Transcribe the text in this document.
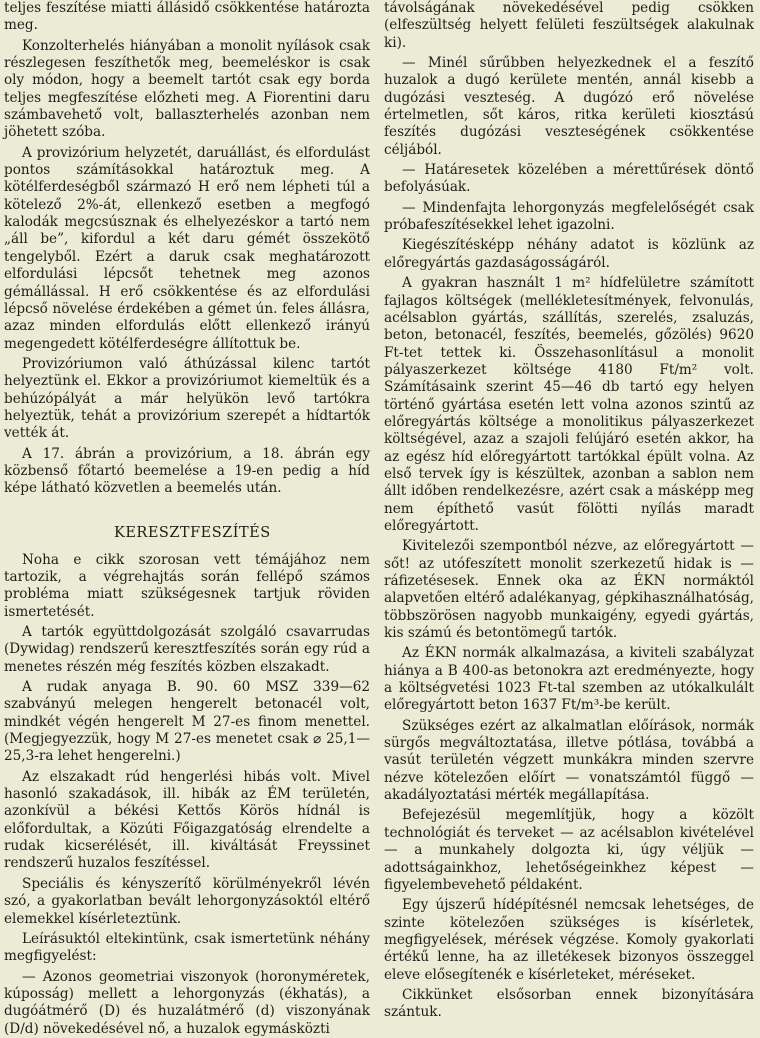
teljes feszítése miatti állásidő csökkentése határozta meg.

Konzolterhelés hiányában a monolit nyílások csak részlegesen feszíthetők meg, beemeléskor is csak oly módon, hogy a beemelt tartót csak egy borda teljes megfeszítése előzheti meg. A Fiorentini daru számbavehető volt, ballaszterhelés azonban nem jöhetett szóba.

A provizórium helyzetét, daruállást, és elfordulást pontos számításokkal határoztuk meg. A kötélferdeségből származó H erő nem lépheti túl a kötelező 2%-át, ellenkező esetben a megfogó kalodák megcsúsznak és elhelyezéskor a tartó nem „áll be”, kifordul a két daru gémét összekötő tengelyből. Ezért a daruk csak meghatározott elfordulási lépcsőt tehetnek meg azonos gémállással. H erő csökkentése és az elfordulási lépcső növelése érdekében a gémet ún. feles állásra, azaz minden elfordulás előtt ellenkező irányú megengedett kötélferdeségre állítottuk be.

Provizóriumon való áthúzással kilenc tartót helyeztünk el. Ekkor a provizóriumot kiemeltük és a behúzópályát a már helyükön levő tartókra helyeztük, tehát a provizórium szerepét a hídtartók vették át.

A 17. ábrán a provizórium, a 18. ábrán egy közbenső főtartó beemelése a 19-en pedig a híd képe látható közvetlen a beemelés után.

KERESZTFESZÍTÉS

Noha e cikk szorosan vett témájához nem tartozik, a végrehajtás során fellépő számos probléma miatt szükségesnek tartjuk röviden ismertetését.

A tartók együttdolgozását szolgáló csavarrudas (Dywidag) rendszerű keresztfeszítés során egy rúd a menetes részén még feszítés közben elszakadt.

A rudak anyaga B. 90. 60 MSZ 339—62 szabványú melegen hengerelt betonacél volt, mindkét végén hengerelt M 27-es finom menettel. (Megjegyezzük, hogy M 27-es menetet csak ⌀ 25,1—25,3-ra lehet hengerelni.)

Az elszakadt rúd hengerlési hibás volt. Mivel hasonló szakadások, ill. hibák az ÉM területén, azonkívül a békési Kettős Körös hídnál is előfordultak, a Közúti Főigazgatóság elrendelte a rudak kicserélését, ill. kiváltását Freyssinet rendszerű huzalos feszítéssel.

Speciális és kényszerítő körülményekről lévén szó, a gyakorlatban bevált lehorgonyzásoktól eltérő elemekkel kísérleteztünk.

Leírásuktól eltekintünk, csak ismertetünk néhány megfigyelést:

— Azonos geometriai viszonyok (horonyméretek, kúposság) mellett a lehorgonyzás (ékhatás), a dugóátmérő (D) és huzalátmérő (d) viszonyának (D/d) növekedésével nő, a huzalok egymásközti

távolságának növekedésével pedig csökken (elfeszültség helyett felületi feszültségek alakulnak ki).

— Minél sűrűbben helyezkednek el a feszítő huzalok a dugó kerülete mentén, annál kisebb a dugózási veszteség. A dugózó erő növelése értelmetlen, sőt káros, ritka kerületi kiosztású feszítés dugózási veszteségének csökkentése céljából.

— Határesetek közelében a mérettűrések döntő befolyásúak.

— Mindenfajta lehorgonyzás megfelelőségét csak próbafeszítésekkel lehet igazolni.

Kiegészítésképp néhány adatot is közlünk az előregyártás gazdaságosságáról.

A gyakran használt 1 m² hídfelületre számított fajlagos költségek (mellékletesítmények, felvonulás, acélsablon gyártás, szállítás, szerelés, zsaluzás, beton, betonacél, feszítés, beemelés, gőzölés) 9620 Ft-tet tettek ki. Összehasonlításul a monolit pályaszerkezet költsége 4180 Ft/m² volt. Számításaink szerint 45—46 db tartó egy helyen történő gyártása esetén lett volna azonos szintű az előregyártás költsége a monolitikus pályaszerkezet költségével, azaz a szajoli felújáró esetén akkor, ha az egész híd előregyártott tartókkal épült volna. Az első tervek így is készültek, azonban a sablon nem állt időben rendelkezésre, azért csak a másképp meg nem építhető vasút fölötti nyílás maradt előregyártott.

Kivitelezői szempontból nézve, az előregyártott — sőt! az utófeszített monolit szerkezetű hidak is — ráfizetésesek. Ennek oka az ÉKN normáktól alapvetően eltérő adalékanyag, gépkihasználhatóság, többszörösen nagyobb munkaigény, egyedi gyártás, kis számú és betontömegű tartók.

Az ÉKN normák alkalmazása, a kiviteli szabályzat hiánya a B 400-as betonokra azt eredményezte, hogy a költségvetési 1023 Ft-tal szemben az utókalkulált előregyártott beton 1637 Ft/m³-be került.

Szükséges ezért az alkalmatlan előírások, normák sürgős megváltoztatása, illetve pótlása, továbbá a vasút területén végzett munkákra minden szervre nézve kötelezően előírt — vonatszámtól függő — akadályoztatási mérték megállapítása.

Befejezésül megemlítjük, hogy a közölt technológiát és terveket — az acélsablon kivételével — a munkahely dolgozta ki, úgy véljük — adottságainkhoz, lehetőségeinkhez képest — figyelembevehető példaként.

Egy újszerű hídépítésnél nemcsak lehetséges, de szinte kötelezően szükséges is kísérletek, megfigyelések, mérések végzése. Komoly gyakorlati értékű lenne, ha az illetékesek bizonyos összeggel eleve elősegítenék e kísérleteket, méréseket.

Cikkünket elsősorban ennek bizonyítására szántuk.
